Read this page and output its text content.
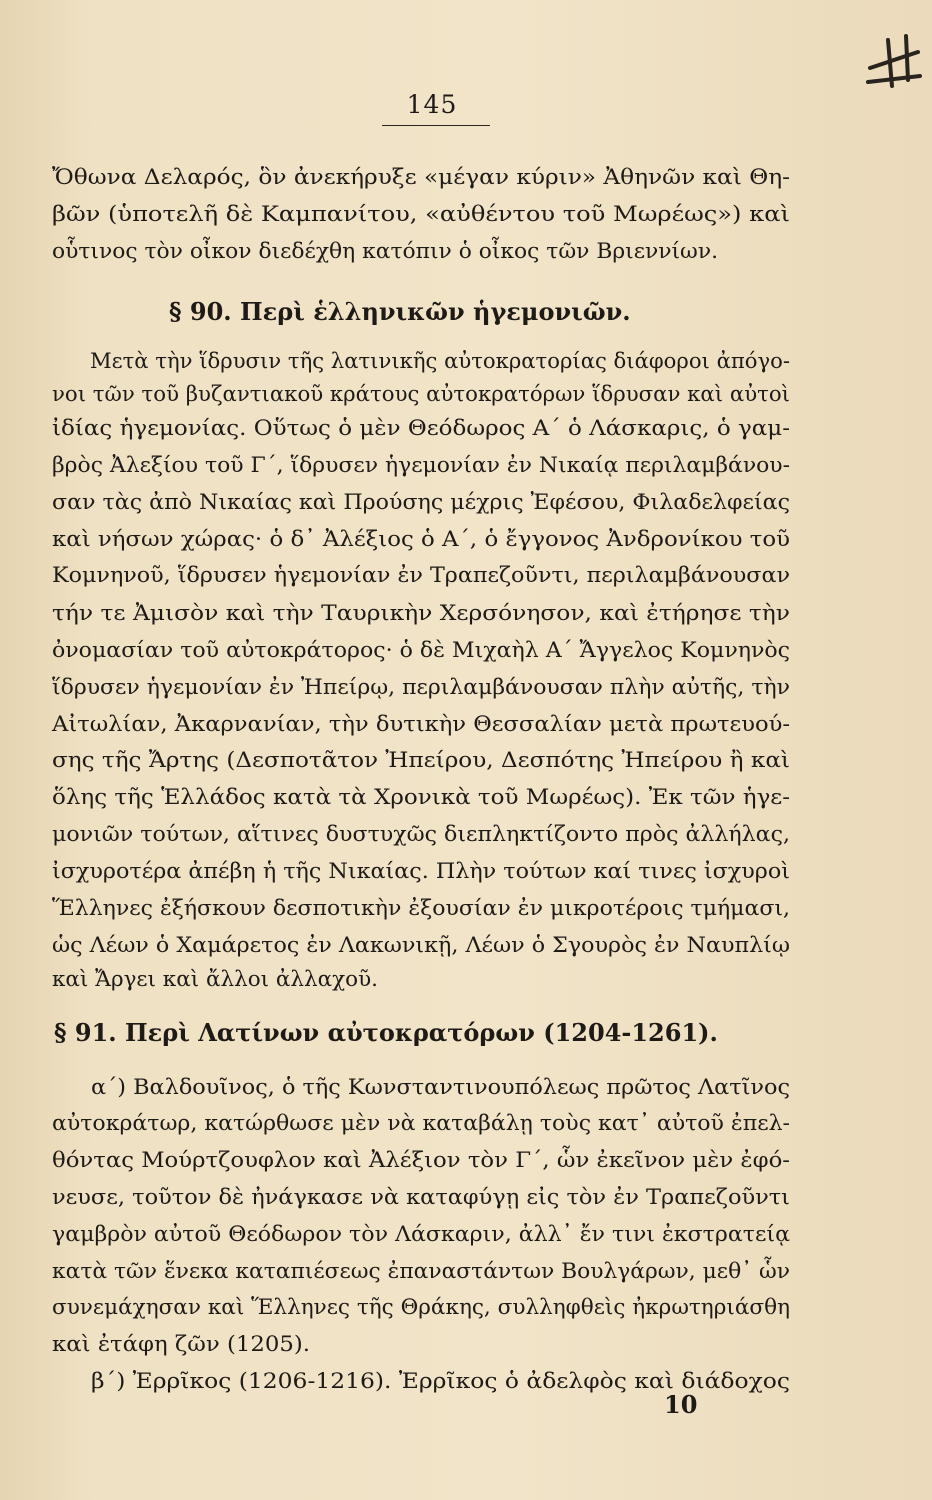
145
Ὄθωνα Δελαρός, ὃν ἀνεκήρυξε «μέγαν κύριν» Ἀθηνῶν καὶ Θη-
βῶν (ὑποτελῆ δὲ Καμπανίτου, «αὐθέντου τοῦ Μωρέως») καὶ
οὗτινος τὸν οἶκον διεδέχθη κατόπιν ὁ οἶκος τῶν Βριεννίων.
§ 90. Περὶ ἑλληνικῶν ἡγεμονιῶν.
Μετὰ τὴν ἵδρυσιν τῆς λατινικῆς αὐτοκρατορίας διάφοροι ἀπόγο-
νοι τῶν τοῦ βυζαντιακοῦ κράτους αὐτοκρατόρων ἵδρυσαν καὶ αὐτοὶ
ἰδίας ἡγεμονίας. Οὕτως ὁ μὲν Θεόδωρος Α΄ ὁ Λάσκαρις, ὁ γαμ-
βρὸς Ἀλεξίου τοῦ Γ΄, ἵδρυσεν ἡγεμονίαν ἐν Νικαίᾳ περιλαμβάνου-
σαν τὰς ἀπὸ Νικαίας καὶ Προύσης μέχρις Ἐφέσου, Φιλαδελφείας
καὶ νήσων χώρας· ὁ δ᾽ Ἀλέξιος ὁ Α΄, ὁ ἔγγονος Ἀνδρονίκου τοῦ
Κομνηνοῦ, ἵδρυσεν ἡγεμονίαν ἐν Τραπεζοῦντι, περιλαμβάνουσαν
τήν τε Ἀμισὸν καὶ τὴν Ταυρικὴν Χερσόνησον, καὶ ἐτήρησε τὴν
ὀνομασίαν τοῦ αὐτοκράτορος· ὁ δὲ Μιχαὴλ Α΄ Ἄγγελος Κομνηνὸς
ἵδρυσεν ἡγεμονίαν ἐν Ἠπείρῳ, περιλαμβάνουσαν πλὴν αὐτῆς, τὴν
Αἰτωλίαν, Ἀκαρνανίαν, τὴν δυτικὴν Θεσσαλίαν μετὰ πρωτευού-
σης τῆς Ἄρτης (Δεσποτᾶτον Ἠπείρου, Δεσπότης Ἠπείρου ἢ καὶ
ὅλης τῆς Ἑλλάδος κατὰ τὰ Χρονικὰ τοῦ Μωρέως). Ἐκ τῶν ἡγε-
μονιῶν τούτων, αἵτινες δυστυχῶς διεπληκτίζοντο πρὸς ἀλλήλας,
ἰσχυροτέρα ἀπέβη ἡ τῆς Νικαίας. Πλὴν τούτων καί τινες ἰσχυροὶ
Ἕλληνες ἐξήσκουν δεσποτικὴν ἐξουσίαν ἐν μικροτέροις τμήμασι,
ὡς Λέων ὁ Χαμάρετος ἐν Λακωνικῇ, Λέων ὁ Σγουρὸς ἐν Ναυπλίῳ
καὶ Ἄργει καὶ ἄλλοι ἀλλαχοῦ.
§ 91. Περὶ Λατίνων αὐτοκρατόρων (1204-1261).
α΄) Βαλδουῖνος, ὁ τῆς Κωνσταντινουπόλεως πρῶτος Λατῖνος
αὐτοκράτωρ, κατώρθωσε μὲν νὰ καταβάλῃ τοὺς κατ᾽ αὐτοῦ ἐπελ-
θόντας Μούρτζουφλον καὶ Ἀλέξιον τὸν Γ΄, ὧν ἐκεῖνον μὲν ἐφό-
νευσε, τοῦτον δὲ ἠνάγκασε νὰ καταφύγῃ εἰς τὸν ἐν Τραπεζοῦντι
γαμβρὸν αὐτοῦ Θεόδωρον τὸν Λάσκαριν, ἀλλ᾽ ἔν τινι ἐκστρατείᾳ
κατὰ τῶν ἕνεκα καταπιέσεως ἐπαναστάντων Βουλγάρων, μεθ᾽ ὧν
συνεμάχησαν καὶ Ἕλληνες τῆς Θράκης, συλληφθεὶς ἠκρωτηριάσθη
καὶ ἐτάφη ζῶν (1205).
β΄) Ἐρρῖκος (1206-1216). Ἐρρῖκος ὁ ἀδελφὸς καὶ διάδοχος
10
